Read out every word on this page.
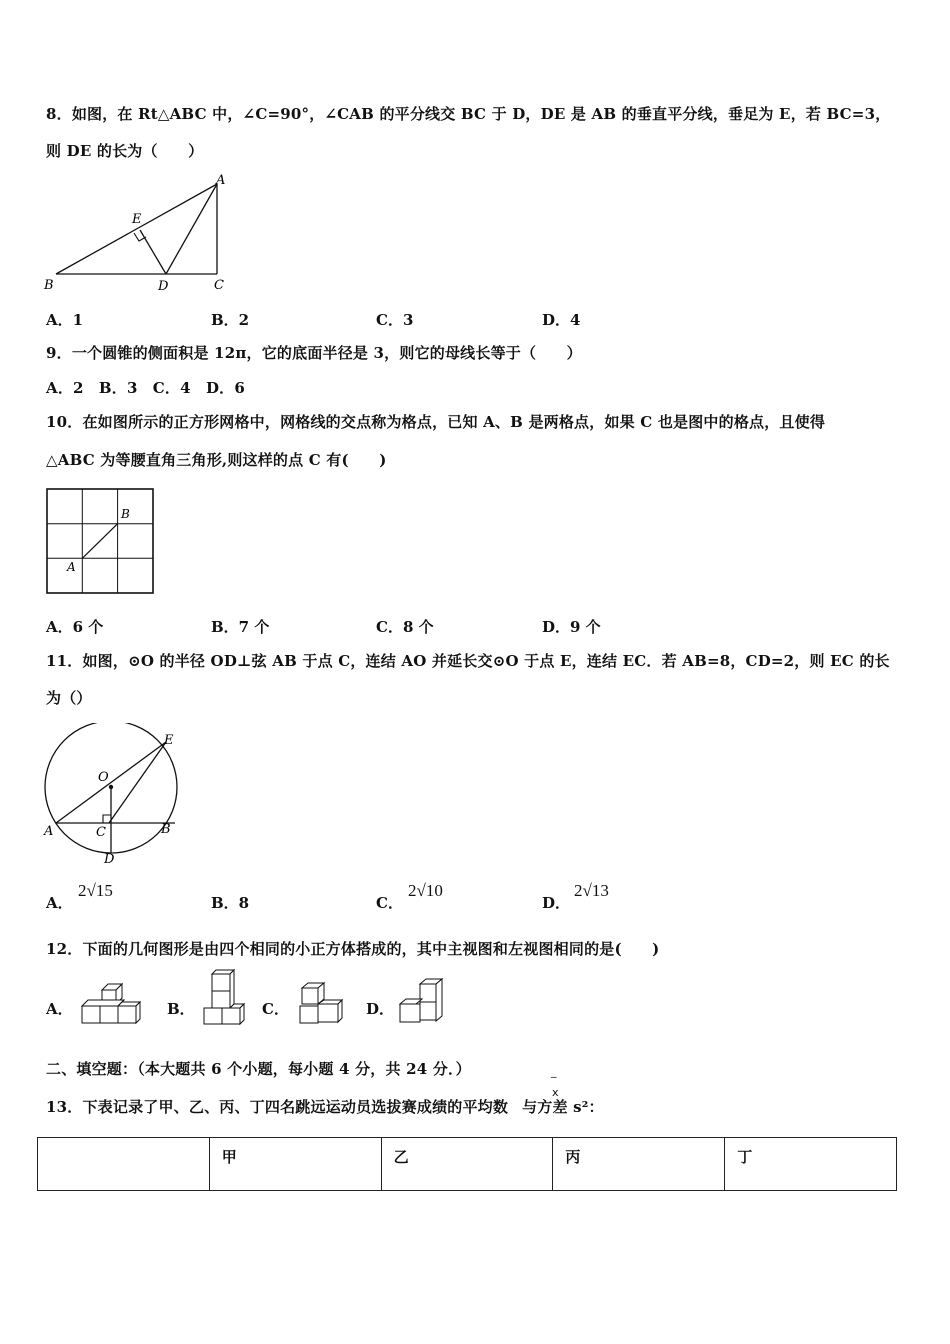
8．如图，在 Rt△ABC 中，∠C=90°，∠CAB 的平分线交 BC 于 D，DE 是 AB 的垂直平分线，垂足为 E，若 BC=3，
则 DE 的长为（　　）
A
B	C
D
E
A．1	B．2	C．3	D．4
9．一个圆锥的侧面积是 12π，它的底面半径是 3，则它的母线长等于（　　）
A．2　B．3　C．4　D．6
10．在如图所示的正方形网格中，网格线的交点称为格点，已知 A、B 是两格点，如果 C 也是图中的格点，且使得
△ABC 为等腰直角三角形,则这样的点 C 有(　　)
B
A
A．6 个	B．7 个	C．8 个	D．9 个
11．如图，⊙O 的半径 OD⊥弦 AB 于点 C，连结 AO 并延长交⊙O 于点 E，连结 EC．若 AB=8，CD=2，则 EC 的长
为（）
O
E
A	B
C
D
A．
2√15
B．8	C．
2√10
D．
2√13
12．下面的几何图形是由四个相同的小正方体搭成的，其中主视图和左视图相同的是(　　)
A．	B．	C．	D．
二、填空题：（本大题共 6 个小题，每小题 4 分，共 24 分．）
13．下表记录了甲、乙、丙、丁四名跳远运动员选拔赛成绩的平均数 与方差 s²：
‾
x
	甲	乙	丙	丁
